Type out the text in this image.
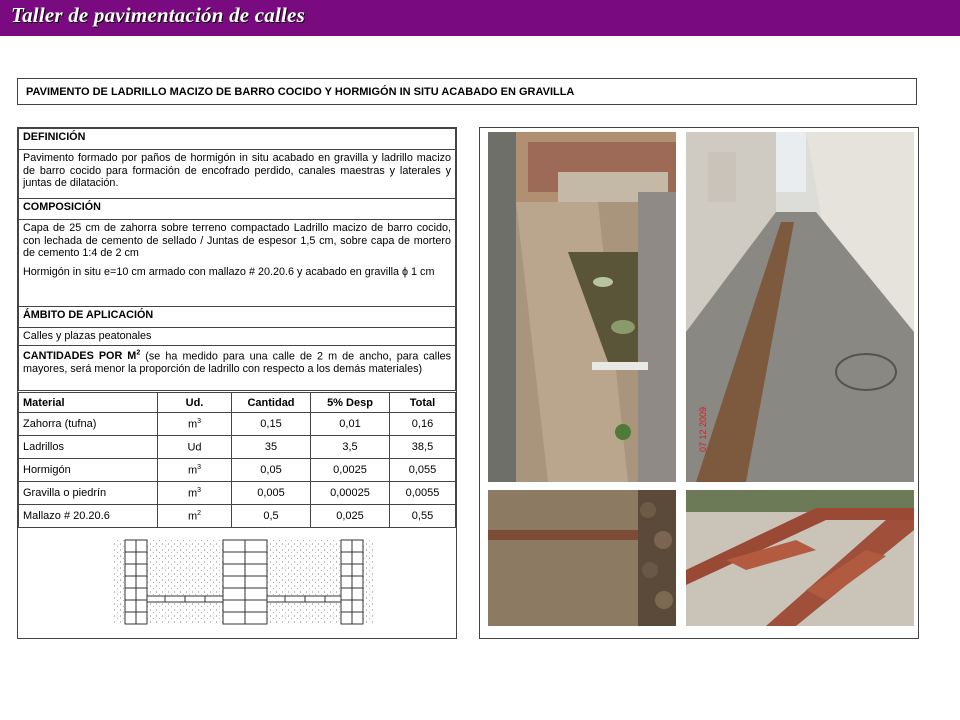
Taller de pavimentación de calles
PAVIMENTO DE LADRILLO MACIZO DE BARRO COCIDO Y HORMIGÓN IN SITU ACABADO EN GRAVILLA
DEFINICIÓN
Pavimento formado por paños de hormigón in situ acabado en gravilla y ladrillo macizo de barro cocido para formación de encofrado perdido, canales maestras y laterales y juntas de dilatación.
COMPOSICIÓN

Capa de 25 cm de zahorra sobre terreno compactado Ladrillo macizo de barro cocido, con lechada de cemento de sellado / Juntas de espesor 1,5 cm, sobre capa de mortero de cemento 1:4 de 2 cm
Hormigón in situ e=10 cm armado con mallazo # 20.20.6 y acabado en gravilla ϕ 1 cm

ÁMBITO DE APLICACIÓN
Calles y plazas peatonales
CANTIDADES POR $M^2$ (se ha medido para una calle de 2 m de ancho, para calles mayores, será menor la proporción de ladrillo con respecto a los demás materiales)
Material	Ud.	Cantidad	5% Desp	Total
Zahorra (tufna)	$m^3$	0,15	0,01	0,16
Ladrillos	Ud	35	3,5	38,5
Hormigón	$m^3$	0,05	0,0025	0,055
Gravilla o piedrín	$m^3$	0,005	0,00025	0,0055
Mallazo # 20.20.6	$m^2$	0,5	0,025	0,55
07 12 2009
